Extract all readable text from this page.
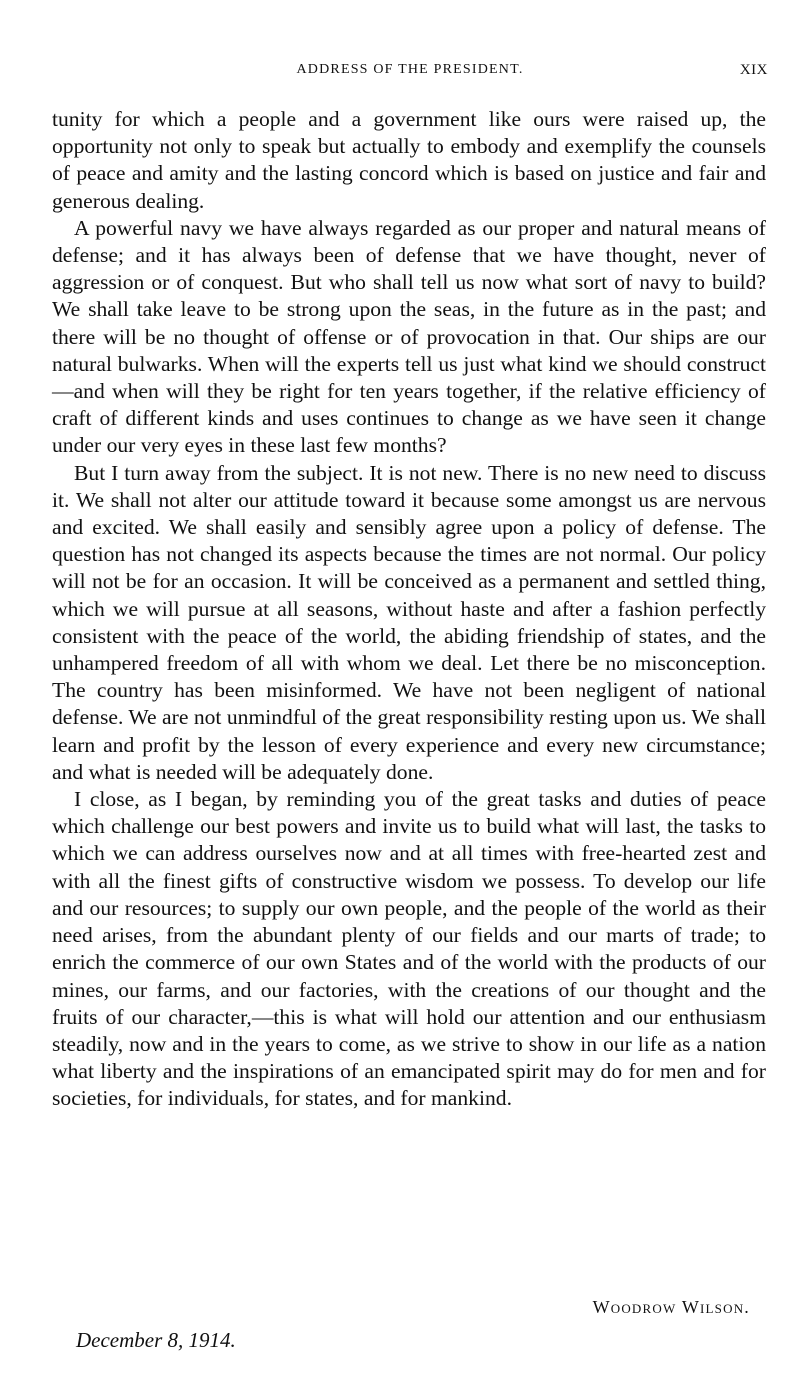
ADDRESS OF THE PRESIDENT.	XIX

tunity for which a people and a government like ours were raised up, the opportunity not only to speak but actually to embody and exemplify the counsels of peace and amity and the lasting concord which is based on justice and fair and generous dealing.

A powerful navy we have always regarded as our proper and natural means of defense; and it has always been of defense that we have thought, never of aggression or of conquest. But who shall tell us now what sort of navy to build? We shall take leave to be strong upon the seas, in the future as in the past; and there will be no thought of offense or of provocation in that. Our ships are our natural bulwarks. When will the experts tell us just what kind we should construct—and when will they be right for ten years together, if the relative efficiency of craft of different kinds and uses continues to change as we have seen it change under our very eyes in these last few months?

But I turn away from the subject. It is not new. There is no new need to discuss it. We shall not alter our attitude toward it because some amongst us are nervous and excited. We shall easily and sensibly agree upon a policy of defense. The question has not changed its aspects because the times are not normal. Our policy will not be for an occasion. It will be conceived as a permanent and settled thing, which we will pursue at all seasons, without haste and after a fashion perfectly consistent with the peace of the world, the abiding friendship of states, and the unhampered freedom of all with whom we deal. Let there be no misconception. The country has been misinformed. We have not been negligent of national defense. We are not unmindful of the great responsibility resting upon us. We shall learn and profit by the lesson of every experience and every new circumstance; and what is needed will be adequately done.

I close, as I began, by reminding you of the great tasks and duties of peace which challenge our best powers and invite us to build what will last, the tasks to which we can address ourselves now and at all times with free-hearted zest and with all the finest gifts of constructive wisdom we possess. To develop our life and our resources; to supply our own people, and the people of the world as their need arises, from the abundant plenty of our fields and our marts of trade; to enrich the commerce of our own States and of the world with the products of our mines, our farms, and our factories, with the creations of our thought and the fruits of our character,—this is what will hold our attention and our enthusiasm steadily, now and in the years to come, as we strive to show in our life as a nation what liberty and the inspirations of an emancipated spirit may do for men and for societies, for individuals, for states, and for mankind.

Woodrow Wilson.
December 8, 1914.
